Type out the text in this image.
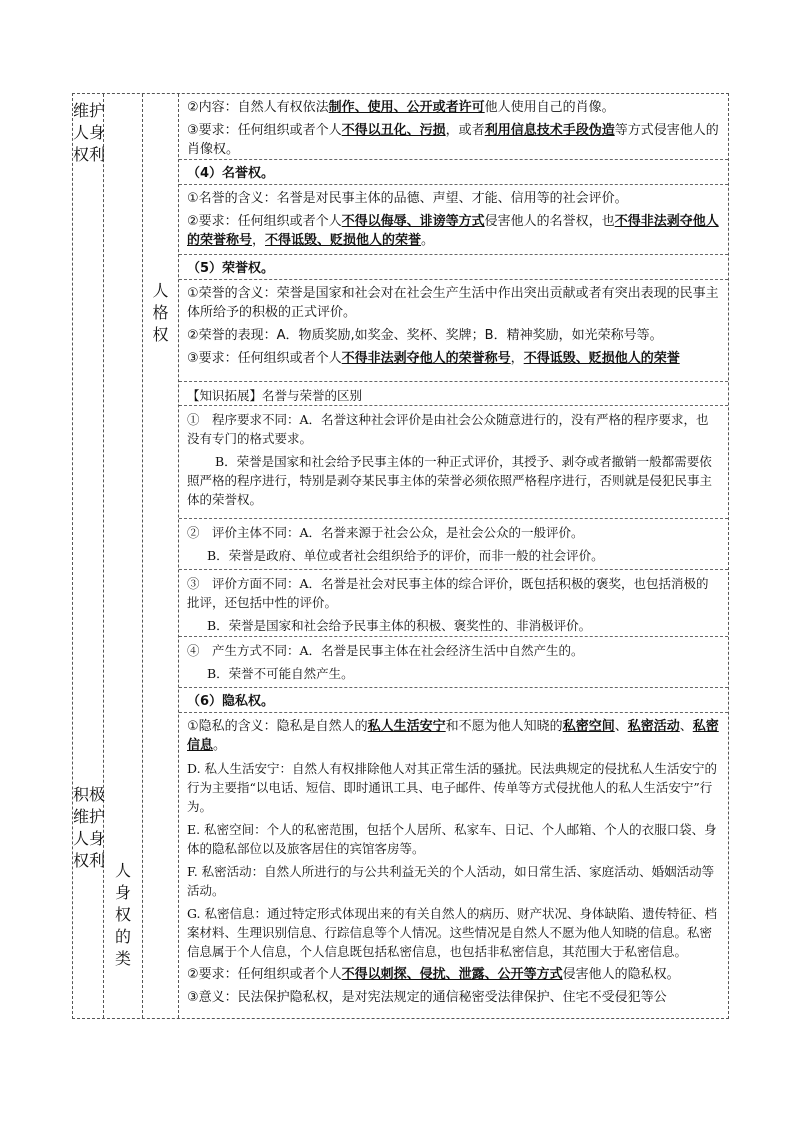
维护
人身
权利
积极
维护
人身
权利
人
身
权
的
类
人
格
权

②内容：自然人有权依法制作、使用、公开或者许可他人使用自己的肖像。

③要求：任何组织或者个人不得以丑化、污损，或者利用信息技术手段伪造等方式侵害他人的肖像权。

（4）名誉权。

①名誉的含义：名誉是对民事主体的品德、声望、才能、信用等的社会评价。

②要求：任何组织或者个人不得以侮辱、诽谤等方式侵害他人的名誉权，也不得非法剥夺他人的荣誉称号，不得诋毁、贬损他人的荣誉。

（5）荣誉权。

①荣誉的含义：荣誉是国家和社会对在社会生产生活中作出突出贡献或者有突出表现的民事主体所给予的积极的正式评价。

②荣誉的表现：A．物质奖励,如奖金、奖杯、奖牌；B．精神奖励，如光荣称号等。

③要求：任何组织或者个人不得非法剥夺他人的荣誉称号，不得诋毁、贬损他人的荣誉

【知识拓展】名誉与荣誉的区别

①　程序要求不同：A．名誉这种社会评价是由社会公众随意进行的，没有严格的程序要求，也没有专门的格式要求。

B．荣誉是国家和社会给予民事主体的一种正式评价，其授予、剥夺或者撤销一般都需要依照严格的程序进行，特别是剥夺某民事主体的荣誉必须依照严格程序进行，否则就是侵犯民事主体的荣誉权。

②　评价主体不同：A．名誉来源于社会公众，是社会公众的一般评价。

B．荣誉是政府、单位或者社会组织给予的评价，而非一般的社会评价。

③　评价方面不同：A．名誉是社会对民事主体的综合评价，既包括积极的褒奖，也包括消极的批评，还包括中性的评价。

B．荣誉是国家和社会给予民事主体的积极、褒奖性的、非消极评价。

④　产生方式不同：A．名誉是民事主体在社会经济生活中自然产生的。

B．荣誉不可能自然产生。

（6）隐私权。

①隐私的含义：隐私是自然人的私人生活安宁和不愿为他人知晓的私密空间、私密活动、私密信息。

D. 私人生活安宁：自然人有权排除他人对其正常生活的骚扰。民法典规定的侵扰私人生活安宁的行为主要指“以电话、短信、即时通讯工具、电子邮件、传单等方式侵扰他人的私人生活安宁”行为。

E. 私密空间：个人的私密范围，包括个人居所、私家车、日记、个人邮箱、个人的衣服口袋、身体的隐私部位以及旅客居住的宾馆客房等。

F. 私密活动：自然人所进行的与公共利益无关的个人活动，如日常生活、家庭活动、婚姻活动等活动。

G. 私密信息：通过特定形式体现出来的有关自然人的病历、财产状况、身体缺陷、遗传特征、档案材料、生理识别信息、行踪信息等个人情况。这些情况是自然人不愿为他人知晓的信息。私密信息属于个人信息，个人信息既包括私密信息，也包括非私密信息，其范围大于私密信息。

②要求：任何组织或者个人不得以刺探、侵扰、泄露、公开等方式侵害他人的隐私权。

③意义：民法保护隐私权，是对宪法规定的通信秘密受法律保护、住宅不受侵犯等公
